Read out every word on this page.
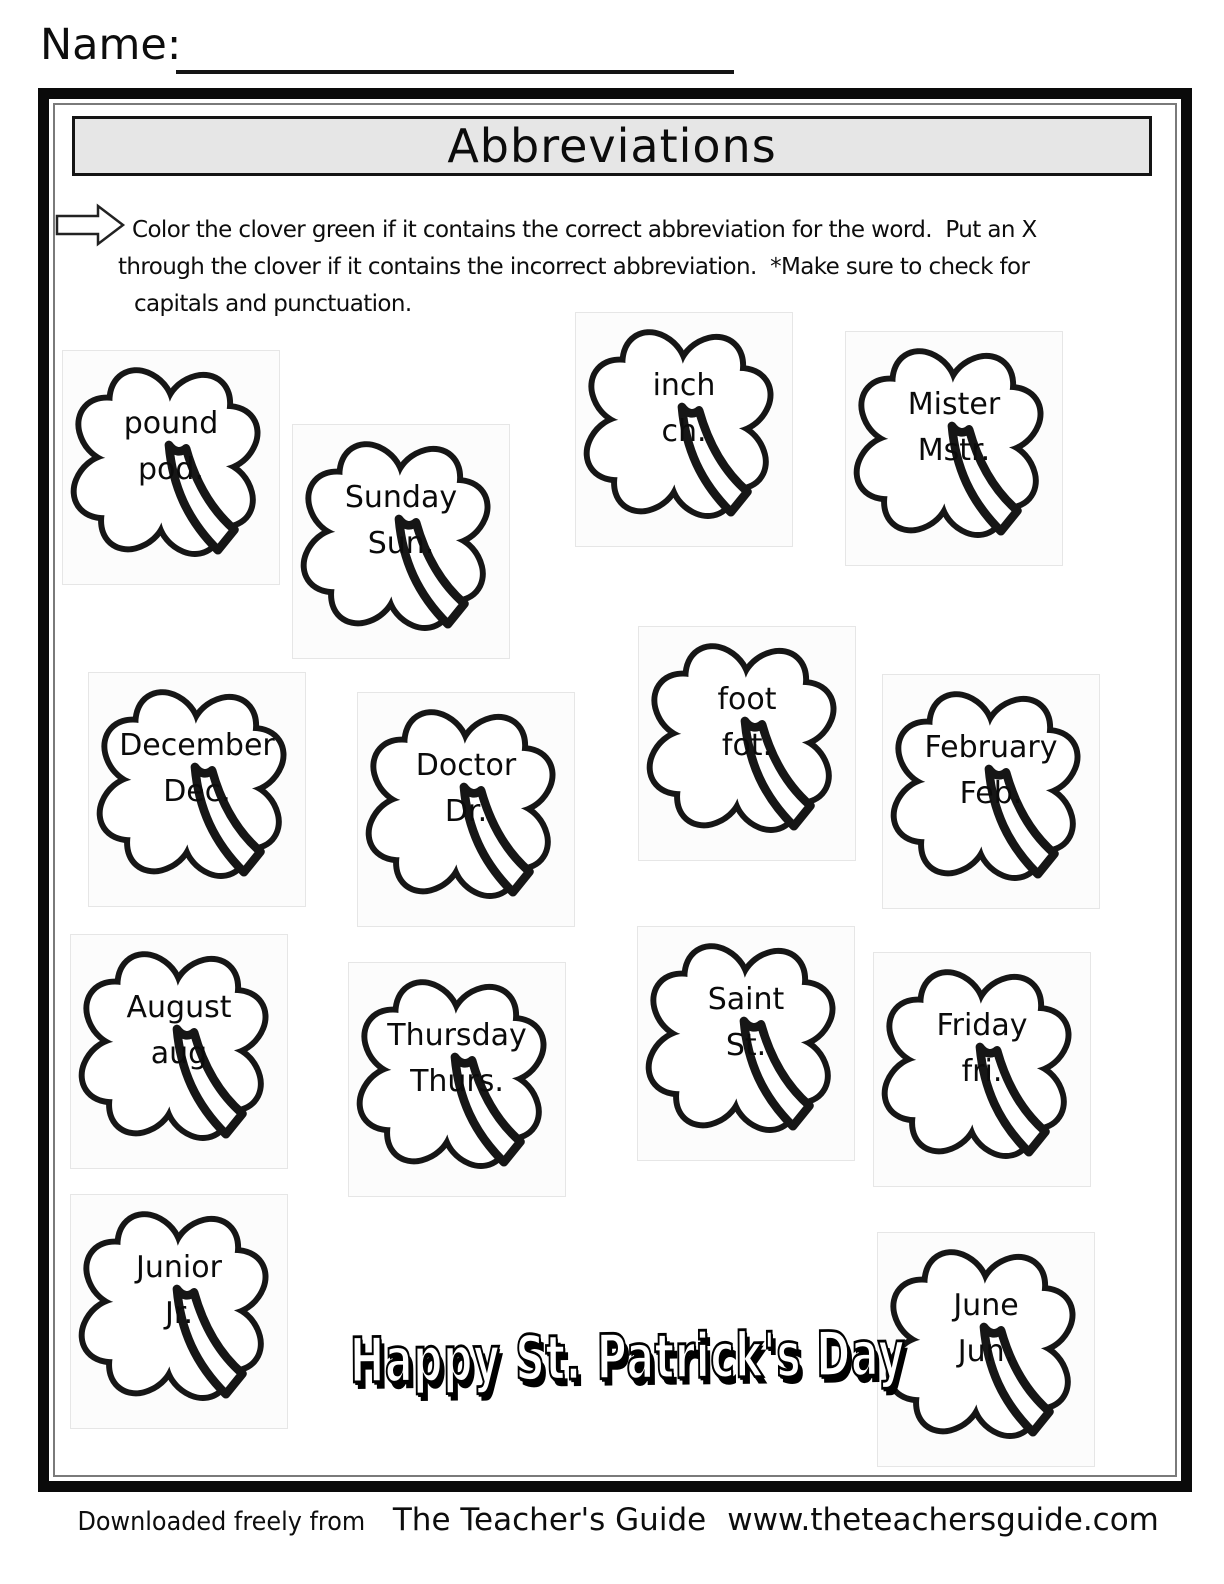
Name:
Abbreviations
Color the clover green if it contains the correct abbreviation for the word.  Put an X
through the clover if it contains the incorrect abbreviation.  *Make sure to check for
capitals and punctuation.
pound
pod.
Sunday
Sun.
inch
ch.
Mister
Mstr.
December
Dec.
Doctor
Dr.
foot
fot.	February
Feb.
August
aug
Thursday
Thurs.
Saint
St.
Friday
fri.
Junior
Jr.	June
Jun.
Happy St. Patrick's Day
Downloaded freely from The Teacher's Guide www.theteachersguide.com
